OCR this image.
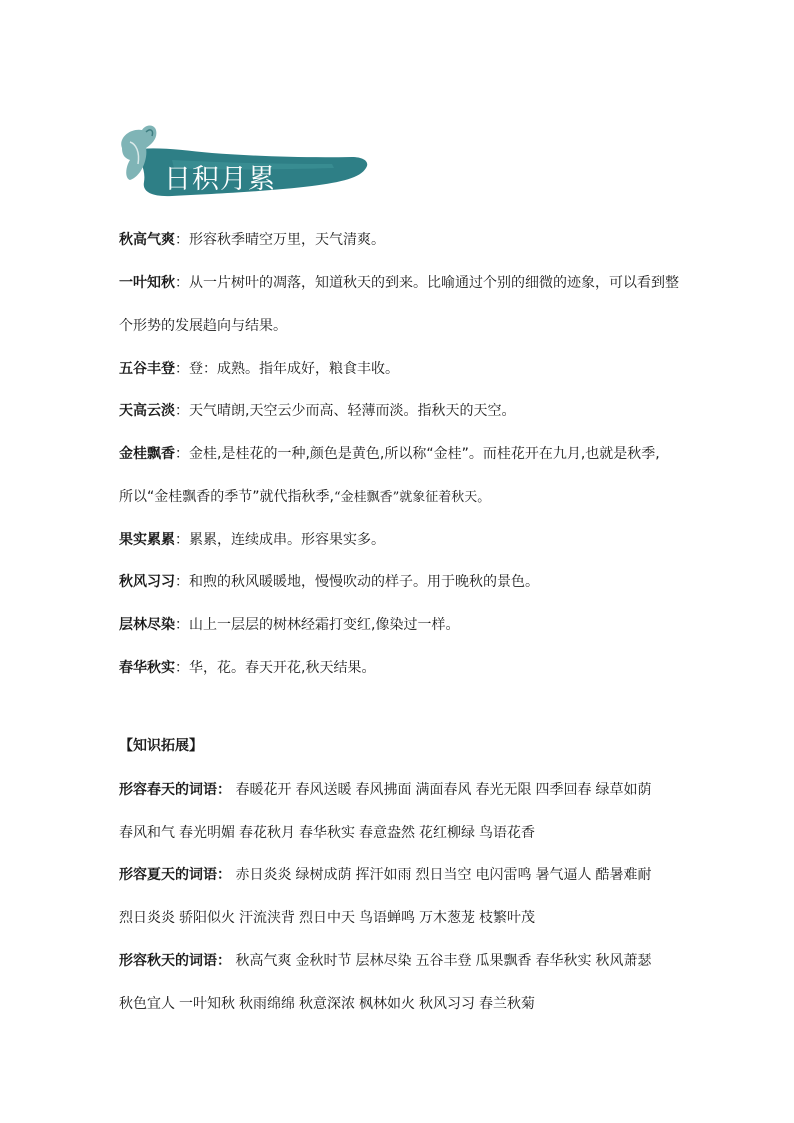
日积月累
秋高气爽：形容秋季晴空万里，天气清爽。
一叶知秋：从一片树叶的凋落，知道秋天的到来。比喻通过个别的细微的迹象，可以看到整
个形势的发展趋向与结果。
五谷丰登：登：成熟。指年成好，粮食丰收。
天高云淡：天气晴朗,天空云少而高、轻薄而淡。指秋天的天空。
金桂飘香：金桂,是桂花的一种,颜色是黄色,所以称“金桂”。而桂花开在九月,也就是秋季,
所以“金桂飘香的季节”就代指秋季,“金桂飘香”就象征着秋天。
果实累累：累累，连续成串。形容果实多。
秋风习习：和煦的秋风暖暖地，慢慢吹动的样子。用于晚秋的景色。
层林尽染：山上一层层的树林经霜打变红,像染过一样。
春华秋实：华，花。春天开花,秋天结果。
【知识拓展】
形容春天的词语： 春暖花开 春风送暖 春风拂面 满面春风 春光无限 四季回春 绿草如荫
春风和气 春光明媚 春花秋月 春华秋实 春意盎然 花红柳绿 鸟语花香
形容夏天的词语： 赤日炎炎 绿树成荫 挥汗如雨 烈日当空 电闪雷鸣 暑气逼人 酷暑难耐
烈日炎炎 骄阳似火 汗流浃背 烈日中天 鸟语蝉鸣 万木葱茏 枝繁叶茂
形容秋天的词语： 秋高气爽 金秋时节 层林尽染 五谷丰登 瓜果飘香 春华秋实 秋风萧瑟
秋色宜人 一叶知秋 秋雨绵绵 秋意深浓 枫林如火 秋风习习 春兰秋菊
